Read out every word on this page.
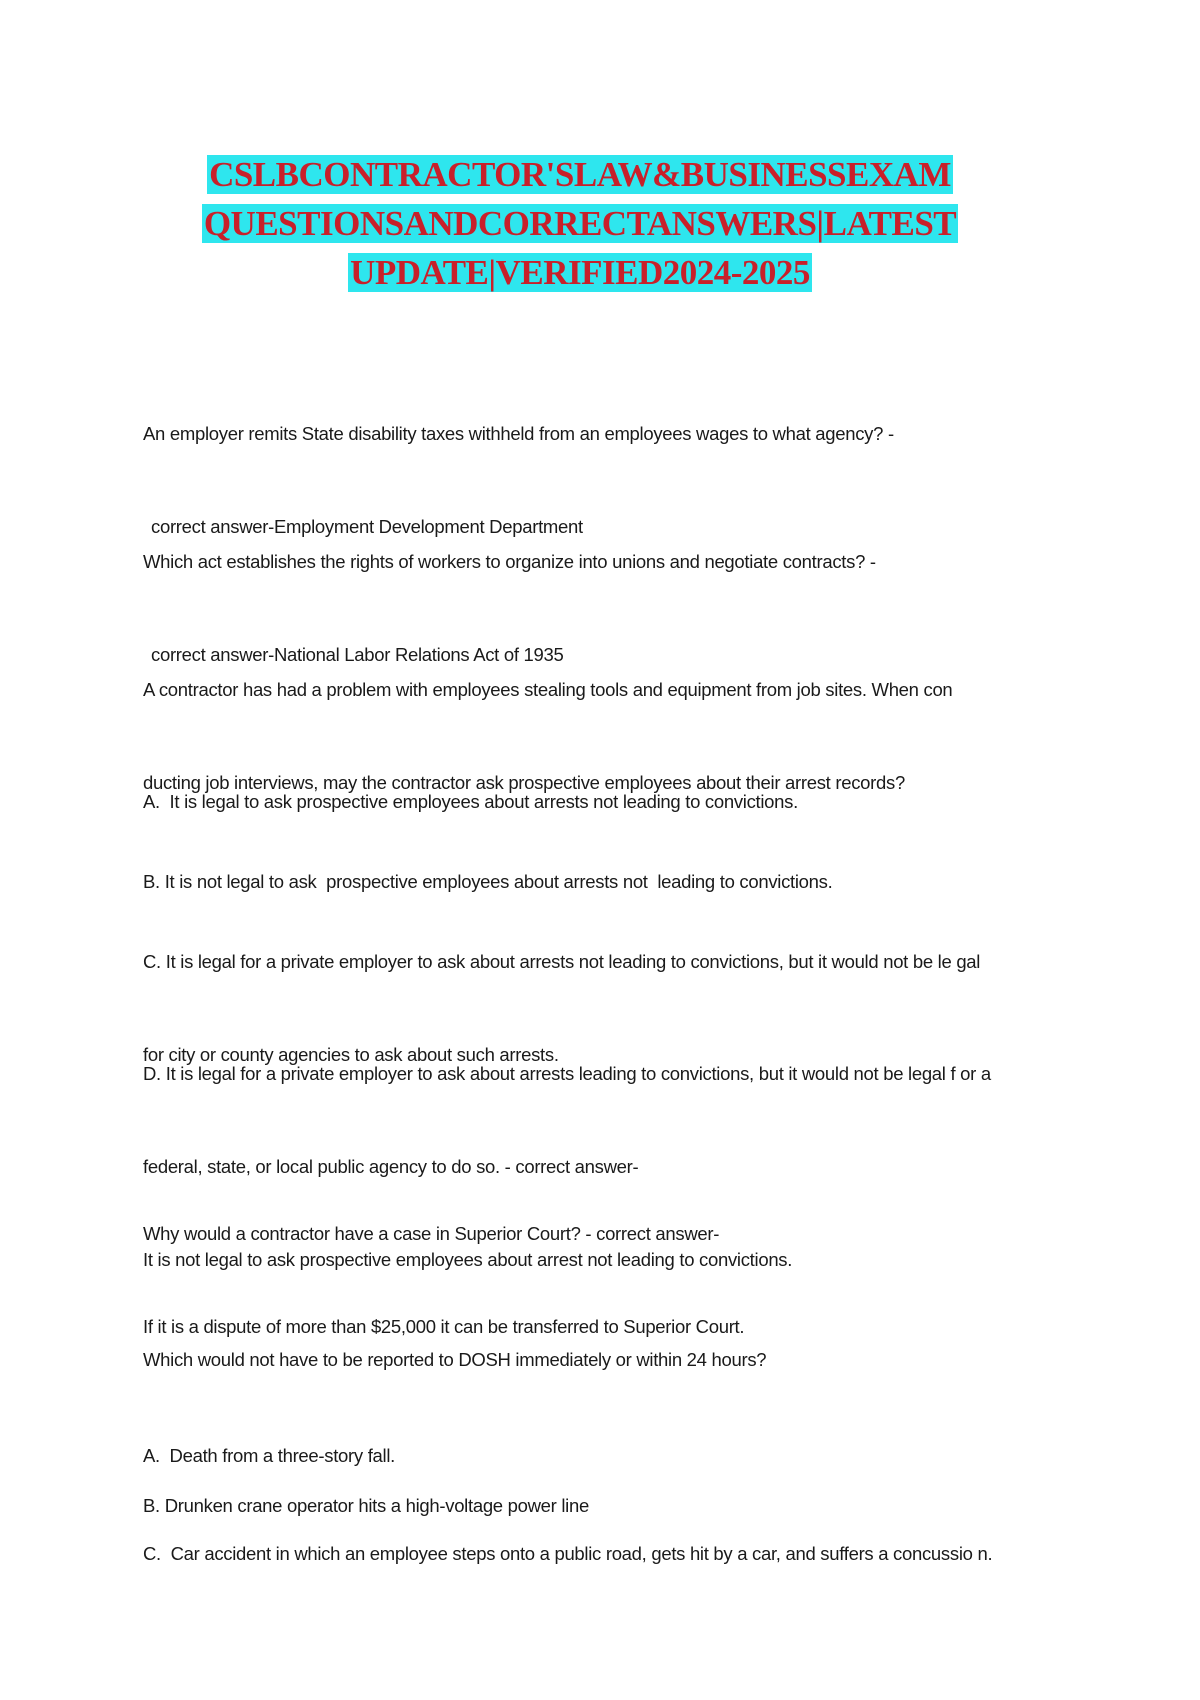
CSLBCONTRACTOR'SLAW&BUSINESSEXAM
QUESTIONSANDCORRECTANSWERS|LATEST
UPDATE|VERIFIED2024-2025

An employer remits State disability taxes withheld from an employees wages to what agency? -

correct answer-Employment Development Department

Which act establishes the rights of workers to organize into unions and negotiate contracts? -

correct answer-National Labor Relations Act of 1935

A contractor has had a problem with employees stealing tools and equipment from job sites. When con

ducting job interviews, may the contractor ask prospective employees about their arrest records?

A.  It is legal to ask prospective employees about arrests not leading to convictions.

B. It is not legal to ask  prospective employees about arrests not  leading to convictions.

C. It is legal for a private employer to ask about arrests not leading to convictions, but it would not be le gal

for city or county agencies to ask about such arrests.

D. It is legal for a private employer to ask about arrests leading to convictions, but it would not be legal f or a

federal, state, or local public agency to do so. - correct answer-

It is not legal to ask prospective employees about arrest not leading to convictions.

Why would a contractor have a case in Superior Court? - correct answer-

If it is a dispute of more than $25,000 it can be transferred to Superior Court.

Which would not have to be reported to DOSH immediately or within 24 hours?

A.  Death from a three-story fall.

B. Drunken crane operator hits a high-voltage power line

C.  Car accident in which an employee steps onto a public road, gets hit by a car, and suffers a concussio n.
